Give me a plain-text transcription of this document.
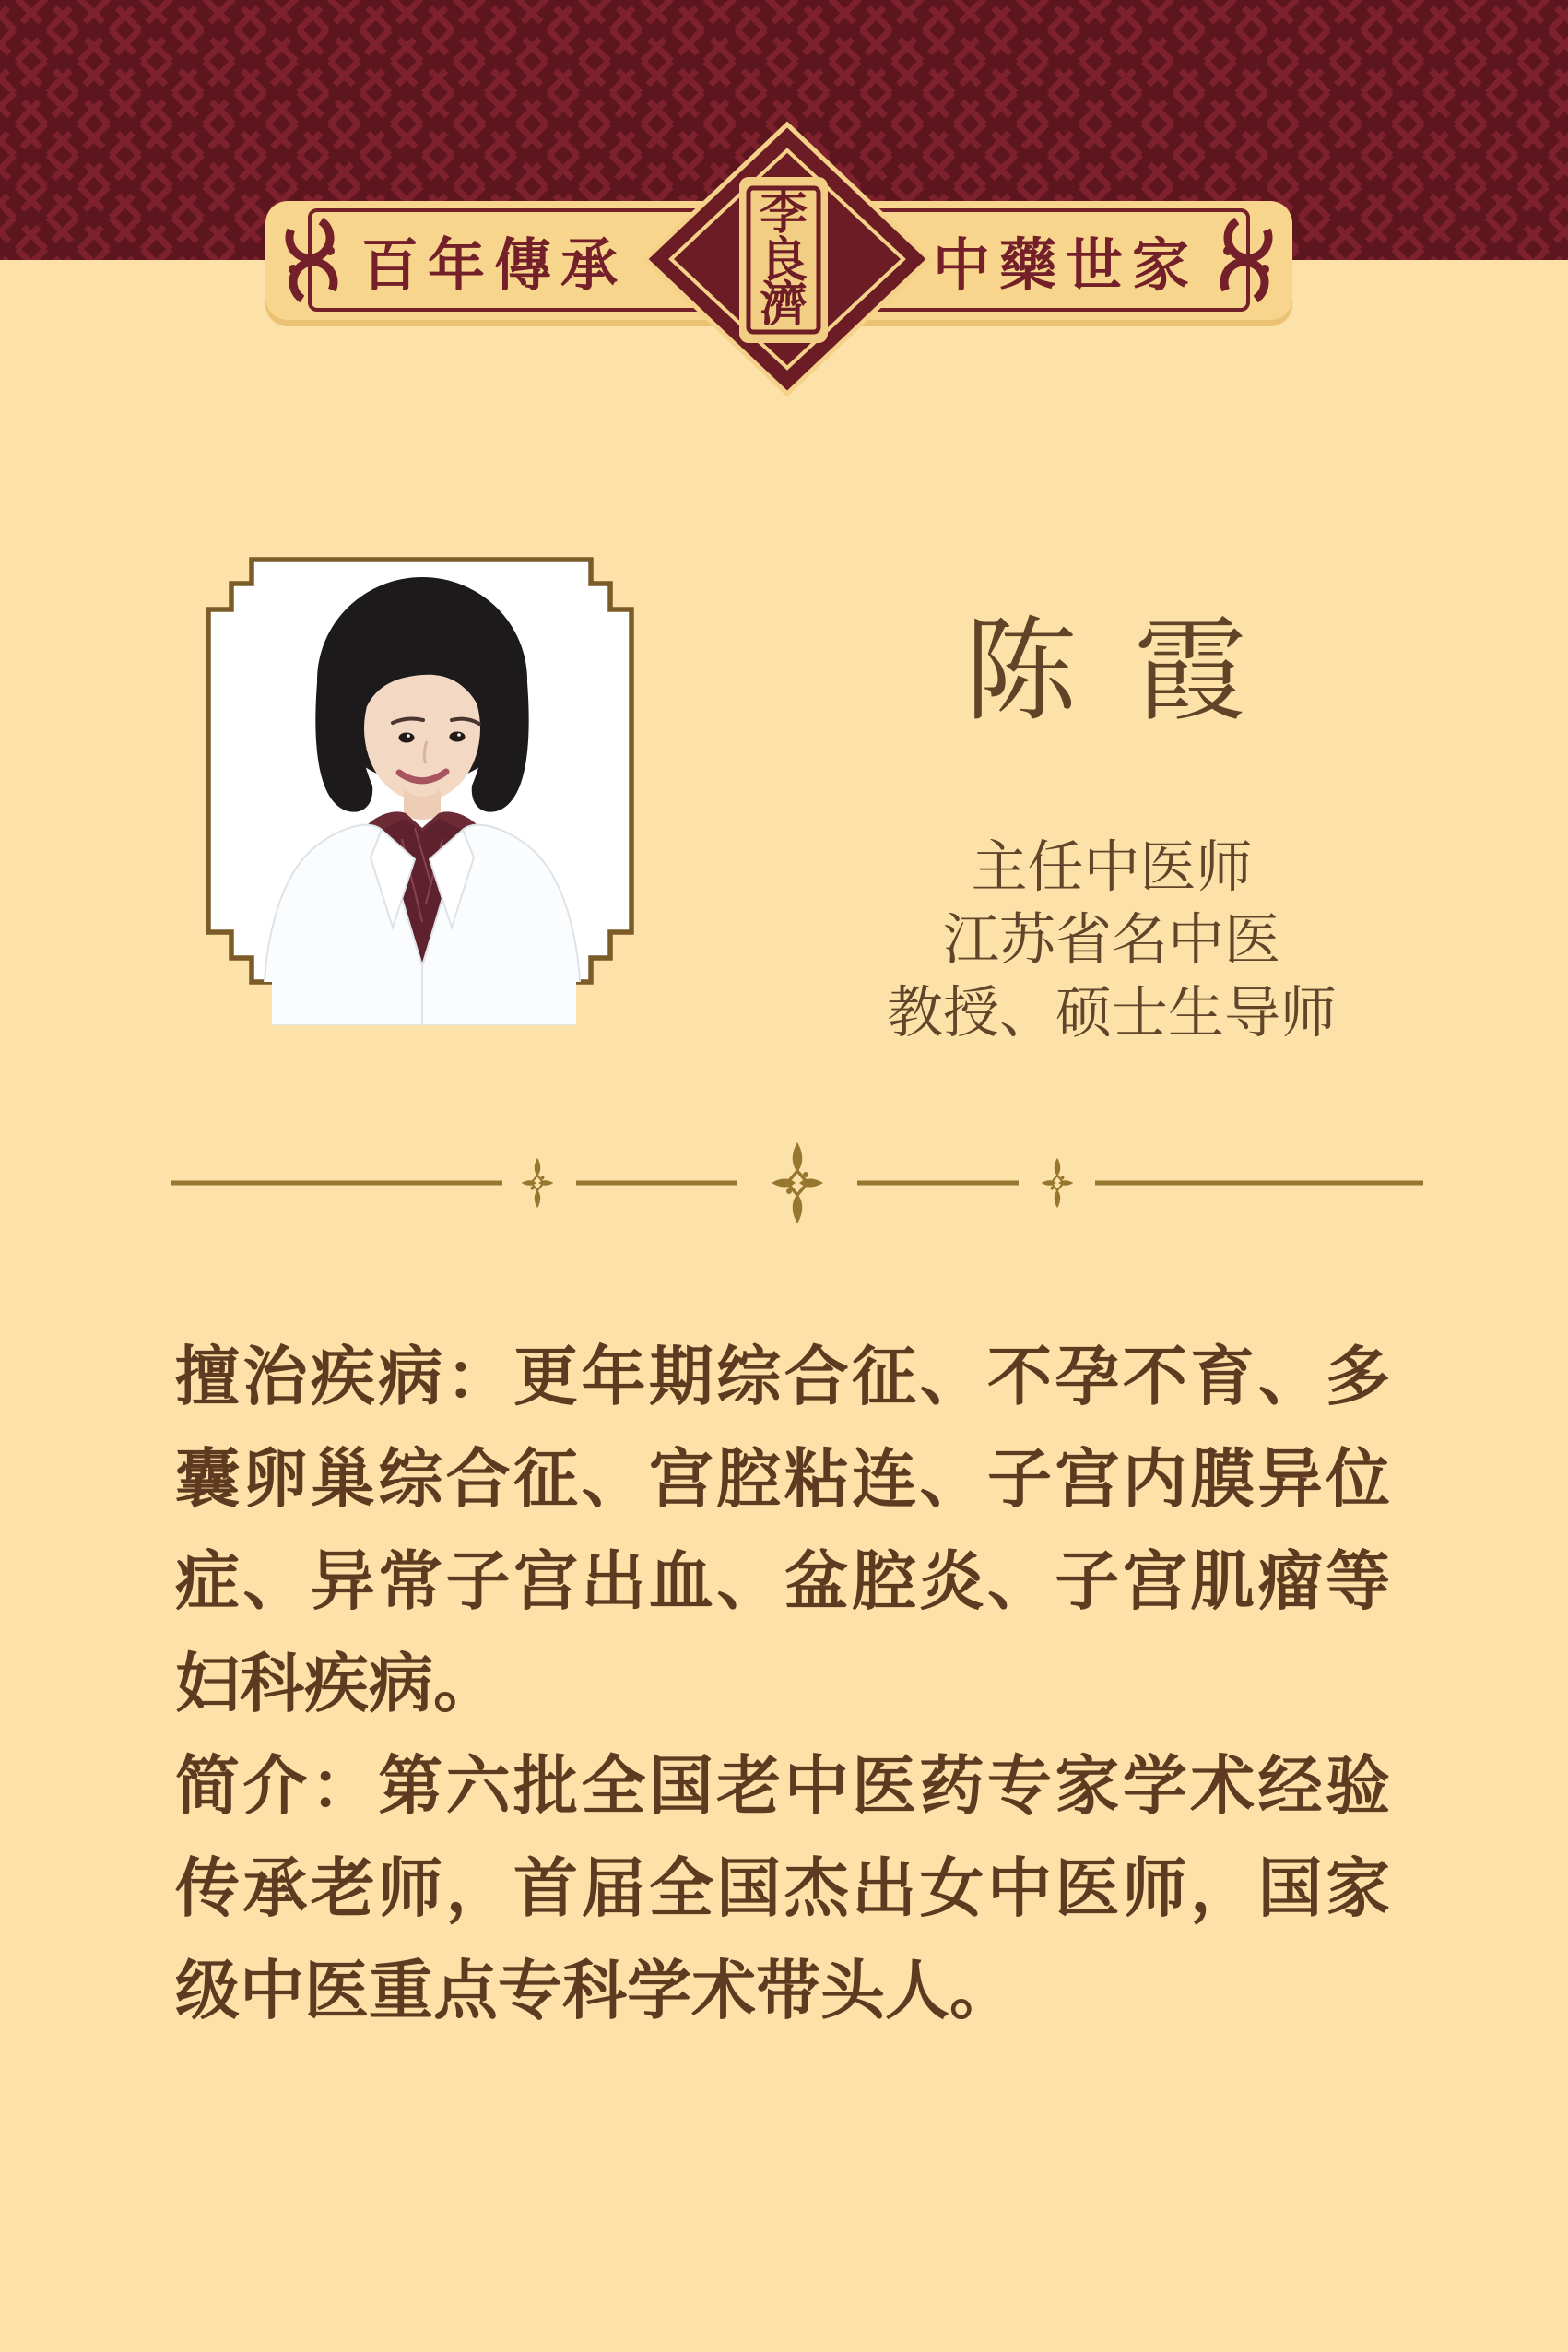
百年傳承	中藥世家
李
良
濟
陈 霞
主任中医师
江苏省名中医
教授、硕士生导师
擅治疾病：更年期综合征、不孕不育、多
囊卵巢综合征、宫腔粘连、子宫内膜异位
症、异常子宫出血、盆腔炎、子宫肌瘤等
妇科疾病。
简介：第六批全国老中医药专家学术经验
传承老师，首届全国杰出女中医师，国家
级中医重点专科学术带头人。
